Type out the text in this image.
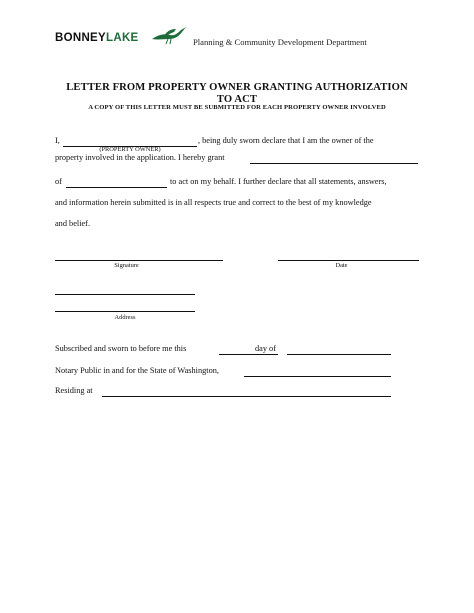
BONNEYLAKE	Planning & Community Development Department
LETTER FROM PROPERTY OWNER GRANTING AUTHORIZATION
TO ACT
A COPY OF THIS LETTER MUST BE SUBMITTED FOR EACH PROPERTY OWNER INVOLVED
I,	, being duly sworn declare that I am the owner of the
(PROPERTY OWNER)
property involved in the application. I hereby grant
of	to act on my behalf. I further declare that all statements, answers,
and information herein submitted is in all respects true and correct to the best of my knowledge
and belief.
Signature	Date
Address
Subscribed and sworn to before me this	day of
Notary Public in and for the State of Washington,
Residing at
